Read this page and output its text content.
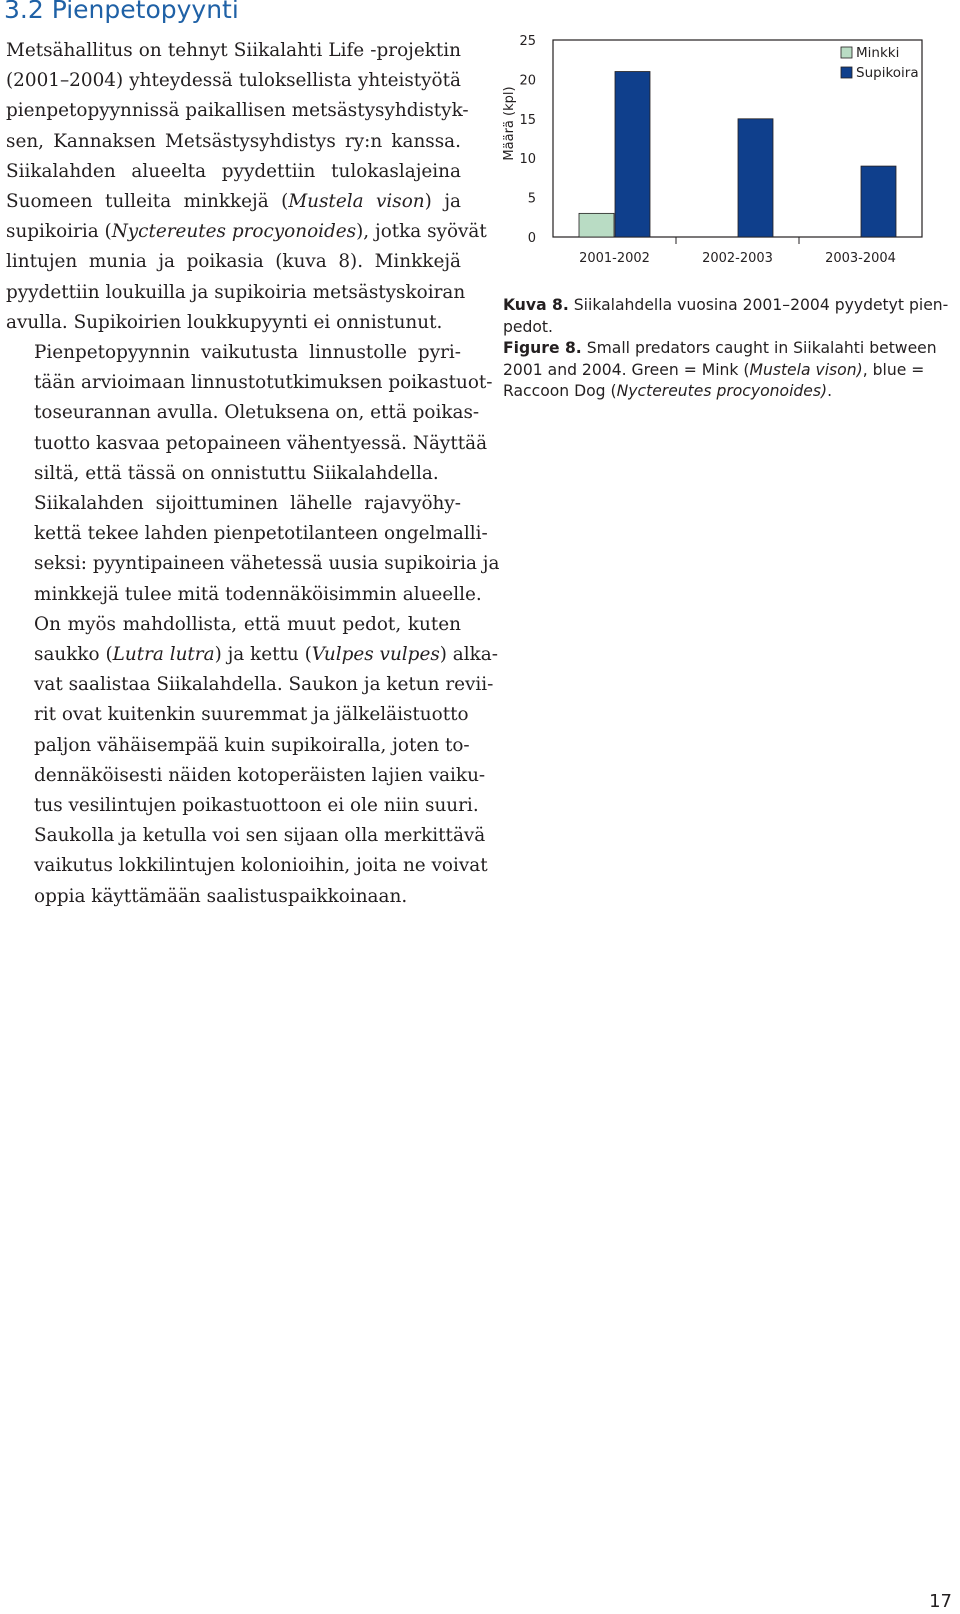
3.2 Pienpetopyynti

Metsähallitus on tehnyt Siikalahti Life -projektin
(2001–2004) yhteydessä tuloksellista yhteistyötä
pienpetopyynnissä paikallisen metsästysyhdistyk-
sen, Kannaksen Metsästysyhdistys ry:n kanssa.
Siikalahden alueelta pyydettiin tulokaslajeina
Suomeen tulleita minkkejä (Mustela vison) ja
supikoiria (Nyctereutes procyonoides), jotka syövät
lintujen munia ja poikasia (kuva 8). Minkkejä
pyydettiin loukuilla ja supikoiria metsästyskoiran
avulla. Supikoirien loukkupyynti ei onnistunut.

Pienpetopyynnin vaikutusta linnustolle pyri-
tään arvioimaan linnustotutkimuksen poikastuot-
toseurannan avulla. Oletuksena on, että poikas-
tuotto kasvaa petopaineen vähentyessä. Näyttää
siltä, että tässä on onnistuttu Siikalahdella.

Siikalahden sijoittuminen lähelle rajavyöhy-
kettä tekee lahden pienpetotilanteen ongelmalli-
seksi: pyyntipaineen vähetessä uusia supikoiria ja
minkkejä tulee mitä todennäköisimmin alueelle.
On myös mahdollista, että muut pedot, kuten
saukko (Lutra lutra) ja kettu (Vulpes vulpes) alka-
vat saalistaa Siikalahdella. Saukon ja ketun revii-
rit ovat kuitenkin suuremmat ja jälkeläistuotto
paljon vähäisempää kuin supikoiralla, joten to-
dennäköisesti näiden kotoperäisten lajien vaiku-
tus vesilintujen poikastuottoon ei ole niin suuri.
Saukolla ja ketulla voi sen sijaan olla merkittävä
vaikutus lokkilintujen kolonioihin, joita ne voivat
oppia käyttämään saalistuspaikkoinaan.

0
5
10
15
20
25
Määrä (kpl)
2001-2002	2002-2003	2003-2004
Minkki
Supikoira

Kuva 8. Siikalahdella vuosina 2001–2004 pyydetyt pien-
pedot.

Figure 8. Small predators caught in Siikalahti between 2001 and 2004. Green = Mink (Mustela vison), blue = Raccoon Dog (Nyctereutes procyonoides).

17
